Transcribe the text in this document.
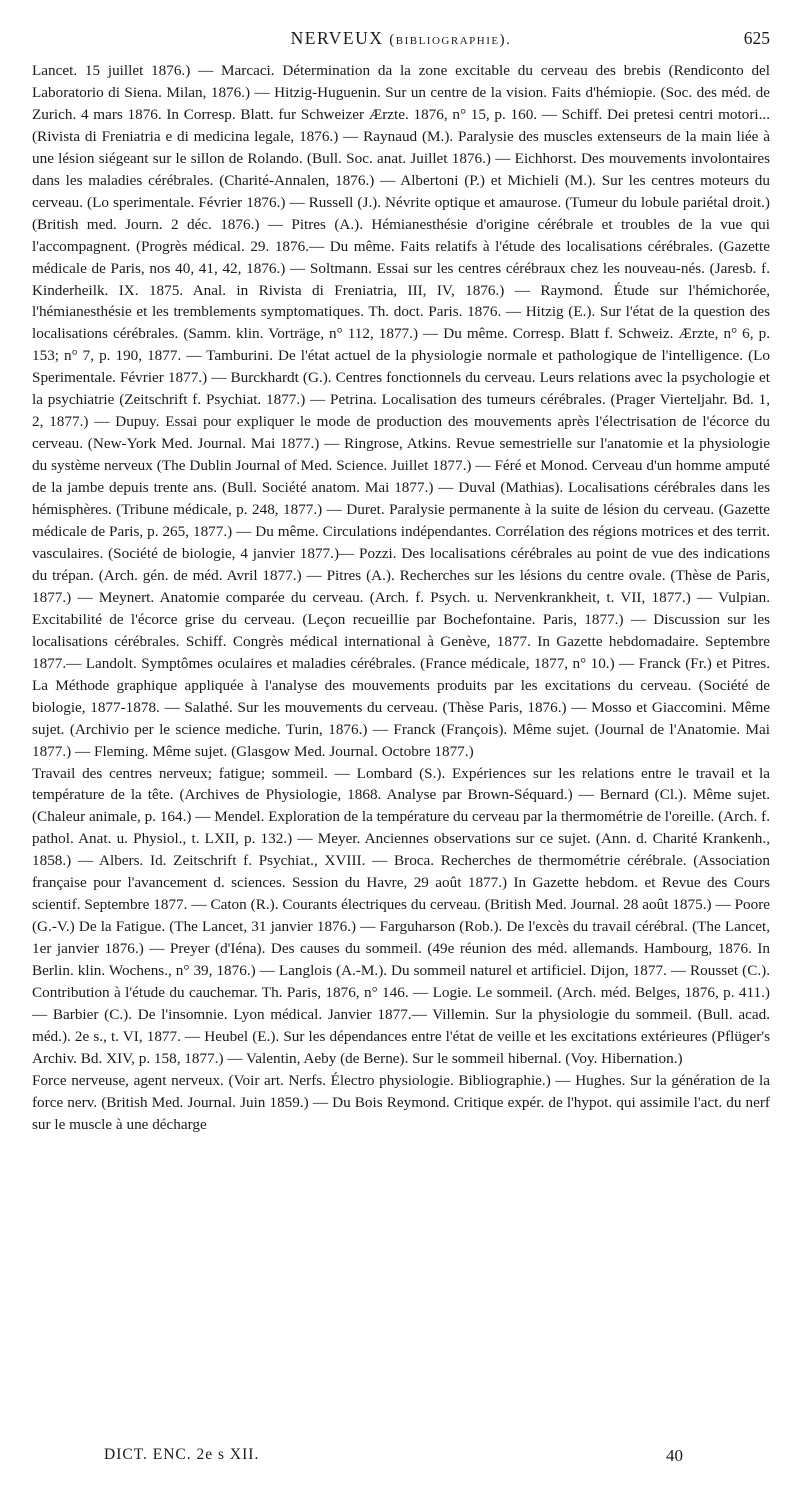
NERVEUX (bibliographie).	625

Lancet. 15 juillet 1876.) — Marcaci. Détermination da la zone excitable du cerveau des brebis (Rendiconto del Laboratorio di Siena. Milan, 1876.) — Hitzig-Huguenin. Sur un centre de la vision. Faits d'hémiopie. (Soc. des méd. de Zurich. 4 mars 1876. In Corresp. Blatt. fur Schweizer Ærzte. 1876, n° 15, p. 160. — Schiff. Dei pretesi centri motori... (Rivista di Freniatria e di medicina legale, 1876.) — Raynaud (M.). Paralysie des muscles extenseurs de la main liée à une lésion siégeant sur le sillon de Rolando. (Bull. Soc. anat. Juillet 1876.) — Eichhorst. Des mouvements involontaires dans les maladies cérébrales. (Charité-Annalen, 1876.) — Albertoni (P.) et Michieli (M.). Sur les centres moteurs du cerveau. (Lo sperimentale. Février 1876.) — Russell (J.). Névrite optique et amaurose. (Tumeur du lobule pariétal droit.) (British med. Journ. 2 déc. 1876.) — Pitres (A.). Hémianesthésie d'origine cérébrale et troubles de la vue qui l'accompagnent. (Progrès médical. 29. 1876.— Du même. Faits relatifs à l'étude des localisations cérébrales. (Gazette médicale de Paris, nos 40, 41, 42, 1876.) — Soltmann. Essai sur les centres cérébraux chez les nouveau-nés. (Jaresb. f. Kinderheilk. IX. 1875. Anal. in Rivista di Freniatria, III, IV, 1876.) — Raymond. Étude sur l'hémichorée, l'hémianesthésie et les tremblements symptomatiques. Th. doct. Paris. 1876. — Hitzig (E.). Sur l'état de la question des localisations cérébrales. (Samm. klin. Vorträge, n° 112, 1877.) — Du même. Corresp. Blatt f. Schweiz. Ærzte, n° 6, p. 153; n° 7, p. 190, 1877. — Tamburini. De l'état actuel de la physiologie normale et pathologique de l'intelligence. (Lo Sperimentale. Février 1877.) — Burckhardt (G.). Centres fonctionnels du cerveau. Leurs relations avec la psychologie et la psychiatrie (Zeitschrift f. Psychiat. 1877.) — Petrina. Localisation des tumeurs cérébrales. (Prager Vierteljahr. Bd. 1, 2, 1877.) — Dupuy. Essai pour expliquer le mode de production des mouvements après l'électrisation de l'écorce du cerveau. (New-York Med. Journal. Mai 1877.) — Ringrose, Atkins. Revue semestrielle sur l'anatomie et la physiologie du système nerveux (The Dublin Journal of Med. Science. Juillet 1877.) — Féré et Monod. Cerveau d'un homme amputé de la jambe depuis trente ans. (Bull. Société anatom. Mai 1877.) — Duval (Mathias). Localisations cérébrales dans les hémisphères. (Tribune médicale, p. 248, 1877.) — Duret. Paralysie permanente à la suite de lésion du cerveau. (Gazette médicale de Paris, p. 265, 1877.) — Du même. Circulations indépendantes. Corrélation des régions motrices et des territ. vasculaires. (Société de biologie, 4 janvier 1877.)— Pozzi. Des localisations cérébrales au point de vue des indications du trépan. (Arch. gén. de méd. Avril 1877.) — Pitres (A.). Recherches sur les lésions du centre ovale. (Thèse de Paris, 1877.) — Meynert. Anatomie comparée du cerveau. (Arch. f. Psych. u. Nervenkrankheit, t. VII, 1877.) — Vulpian. Excitabilité de l'écorce grise du cerveau. (Leçon recueillie par Bochefontaine. Paris, 1877.) — Discussion sur les localisations cérébrales. Schiff. Congrès médical international à Genève, 1877. In Gazette hebdomadaire. Septembre 1877.— Landolt. Symptômes oculaires et maladies cérébrales. (France médicale, 1877, n° 10.) — Franck (Fr.) et Pitres. La Méthode graphique appliquée à l'analyse des mouvements produits par les excitations du cerveau. (Société de biologie, 1877-1878. — Salathé. Sur les mouvements du cerveau. (Thèse Paris, 1876.) — Mosso et Giaccomini. Même sujet. (Archivio per le science mediche. Turin, 1876.) — Franck (François). Même sujet. (Journal de l'Anatomie. Mai 1877.) — Fleming. Même sujet. (Glasgow Med. Journal. Octobre 1877.)

Travail des centres nerveux; fatigue; sommeil. — Lombard (S.). Expériences sur les relations entre le travail et la température de la tête. (Archives de Physiologie, 1868. Analyse par Brown-Séquard.) — Bernard (Cl.). Même sujet. (Chaleur animale, p. 164.) — Mendel. Exploration de la température du cerveau par la thermométrie de l'oreille. (Arch. f. pathol. Anat. u. Physiol., t. LXII, p. 132.) — Meyer. Anciennes observations sur ce sujet. (Ann. d. Charité Krankenh., 1858.) — Albers. Id. Zeitschrift f. Psychiat., XVIII. — Broca. Recherches de thermométrie cérébrale. (Association française pour l'avancement d. sciences. Session du Havre, 29 août 1877.) In Gazette hebdom. et Revue des Cours scientif. Septembre 1877. — Caton (R.). Courants électriques du cerveau. (British Med. Journal. 28 août 1875.) — Poore (G.-V.) De la Fatigue. (The Lancet, 31 janvier 1876.) — Farguharson (Rob.). De l'excès du travail cérébral. (The Lancet, 1er janvier 1876.) — Preyer (d'Iéna). Des causes du sommeil. (49e réunion des méd. allemands. Hambourg, 1876. In Berlin. klin. Wochens., n° 39, 1876.) — Langlois (A.-M.). Du sommeil naturel et artificiel. Dijon, 1877. — Rousset (C.). Contribution à l'étude du cauchemar. Th. Paris, 1876, n° 146. — Logie. Le sommeil. (Arch. méd. Belges, 1876, p. 411.) — Barbier (C.). De l'insomnie. Lyon médical. Janvier 1877.— Villemin. Sur la physiologie du sommeil. (Bull. acad. méd.). 2e s., t. VI, 1877. — Heubel (E.). Sur les dépendances entre l'état de veille et les excitations extérieures (Pflüger's Archiv. Bd. XIV, p. 158, 1877.) — Valentin, Aeby (de Berne). Sur le sommeil hibernal. (Voy. Hibernation.)

Force nerveuse, agent nerveux. (Voir art. Nerfs. Électro physiologie. Bibliographie.) — Hughes. Sur la génération de la force nerv. (British Med. Journal. Juin 1859.) — Du Bois Reymond. Critique expér. de l'hypot. qui assimile l'act. du nerf sur le muscle à une décharge

DICT. ENC. 2e s XII.	40
